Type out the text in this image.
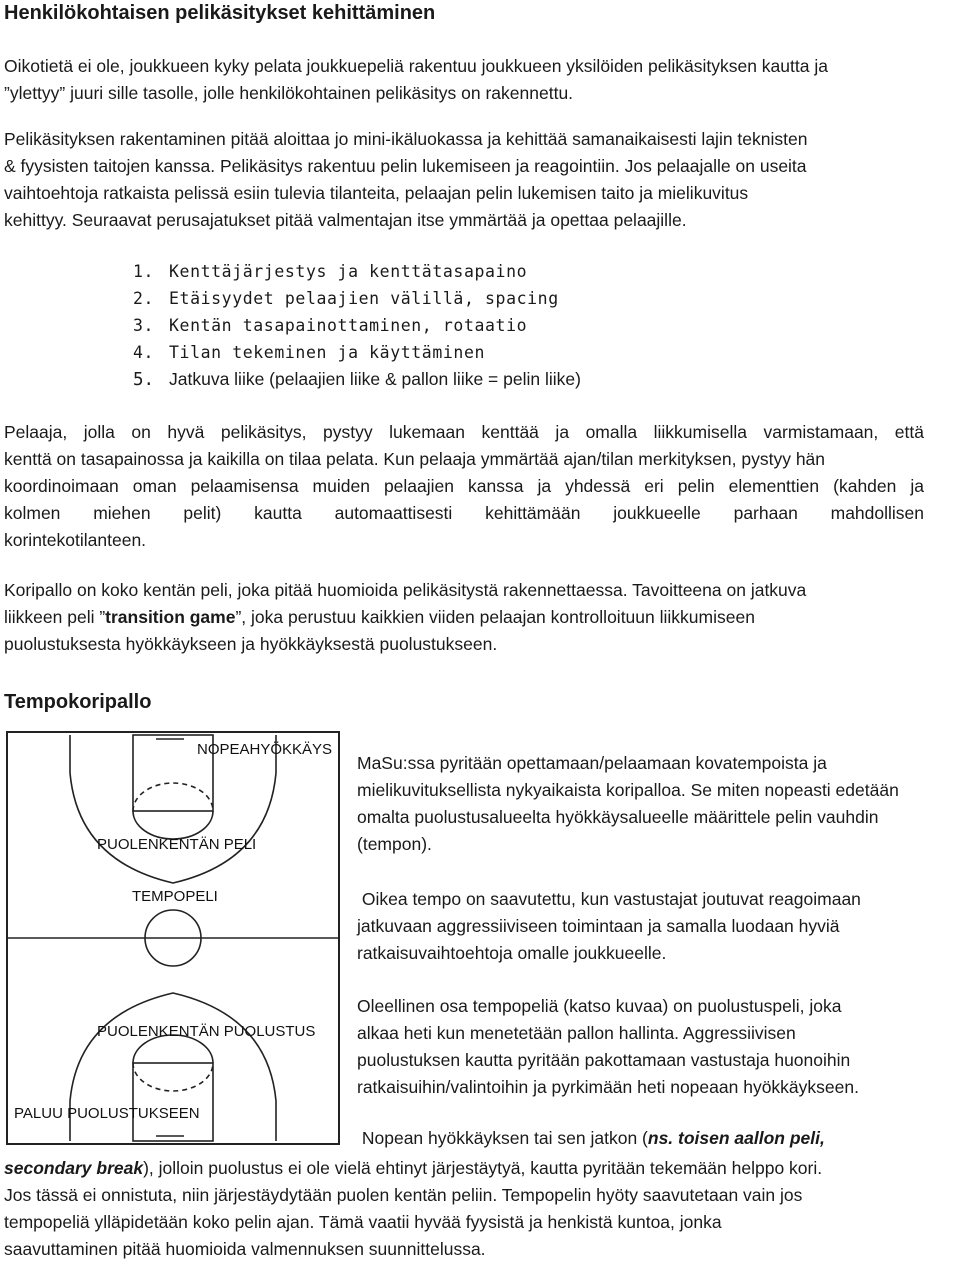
Henkilökohtaisen pelikäsitykset kehittäminen
Oikotietä ei ole, joukkueen kyky pelata joukkuepeliä rakentuu joukkueen yksilöiden pelikäsityksen kautta ja
”ylettyy” juuri sille tasolle, jolle henkilökohtainen pelikäsitys on rakennettu.
Pelikäsityksen rakentaminen pitää aloittaa jo mini-ikäluokassa ja kehittää samanaikaisesti lajin teknisten
& fyysisten taitojen kanssa. Pelikäsitys rakentuu pelin lukemiseen ja reagointiin. Jos pelaajalle on useita
vaihtoehtoja ratkaista pelissä esiin tulevia tilanteita, pelaajan pelin lukemisen taito ja mielikuvitus
kehittyy. Seuraavat perusajatukset pitää valmentajan itse ymmärtää ja opettaa pelaajille.
1. Kenttäjärjestys ja kenttätasapaino
2. Etäisyydet pelaajien välillä, spacing
3. Kentän tasapainottaminen, rotaatio
4. Tilan tekeminen ja käyttäminen
5. Jatkuva liike (pelaajien liike & pallon liike = pelin liike)
Pelaaja, jolla on hyvä pelikäsitys, pystyy lukemaan kenttää ja omalla liikkumisella varmistamaan, että
kenttä on tasapainossa ja kaikilla on tilaa pelata. Kun pelaaja ymmärtää ajan/tilan merkityksen, pystyy hän
koordinoimaan oman pelaamisensa muiden pelaajien kanssa ja yhdessä eri pelin elementtien (kahden ja
kolmen miehen pelit) kautta automaattisesti kehittämään joukkueelle parhaan mahdollisen
korintekotilanteen.
Koripallo on koko kentän peli, joka pitää huomioida pelikäsitystä rakennettaessa. Tavoitteena on jatkuva
liikkeen peli ”transition game”, joka perustuu kaikkien viiden pelaajan kontrolloituun liikkumiseen
puolustuksesta hyökkäykseen ja hyökkäyksestä puolustukseen.
Tempokoripallo
NOPEAHYÖKKÄYS
PUOLENKENTÄN PELI
TEMPOPELI
PUOLENKENTÄN PUOLUSTUS
PALUU PUOLUSTUKSEEN
MaSu:ssa pyritään opettamaan/pelaamaan kovatempoista ja
mielikuvituksellista nykyaikaista koripalloa. Se miten nopeasti edetään
omalta puolustusalueelta hyökkäysalueelle määrittele pelin vauhdin
(tempon).
Oikea tempo on saavutettu, kun vastustajat joutuvat reagoimaan
jatkuvaan aggressiiviseen toimintaan ja samalla luodaan hyviä
ratkaisuvaihtoehtoja omalle joukkueelle.
Oleellinen osa tempopeliä (katso kuvaa) on puolustuspeli, joka
alkaa heti kun menetetään pallon hallinta. Aggressiivisen
puolustuksen kautta pyritään pakottamaan vastustaja huonoihin
ratkaisuihin/valintoihin ja pyrkimään heti nopeaan hyökkäykseen.
Nopean hyökkäyksen tai sen jatkon (ns. toisen aallon peli,
secondary break), jolloin puolustus ei ole vielä ehtinyt järjestäytyä, kautta pyritään tekemään helppo kori.
Jos tässä ei onnistuta, niin järjestäydytään puolen kentän peliin. Tempopelin hyöty saavutetaan vain jos
tempopeliä ylläpidetään koko pelin ajan. Tämä vaatii hyvää fyysistä ja henkistä kuntoa, jonka
saavuttaminen pitää huomioida valmennuksen suunnittelussa.
